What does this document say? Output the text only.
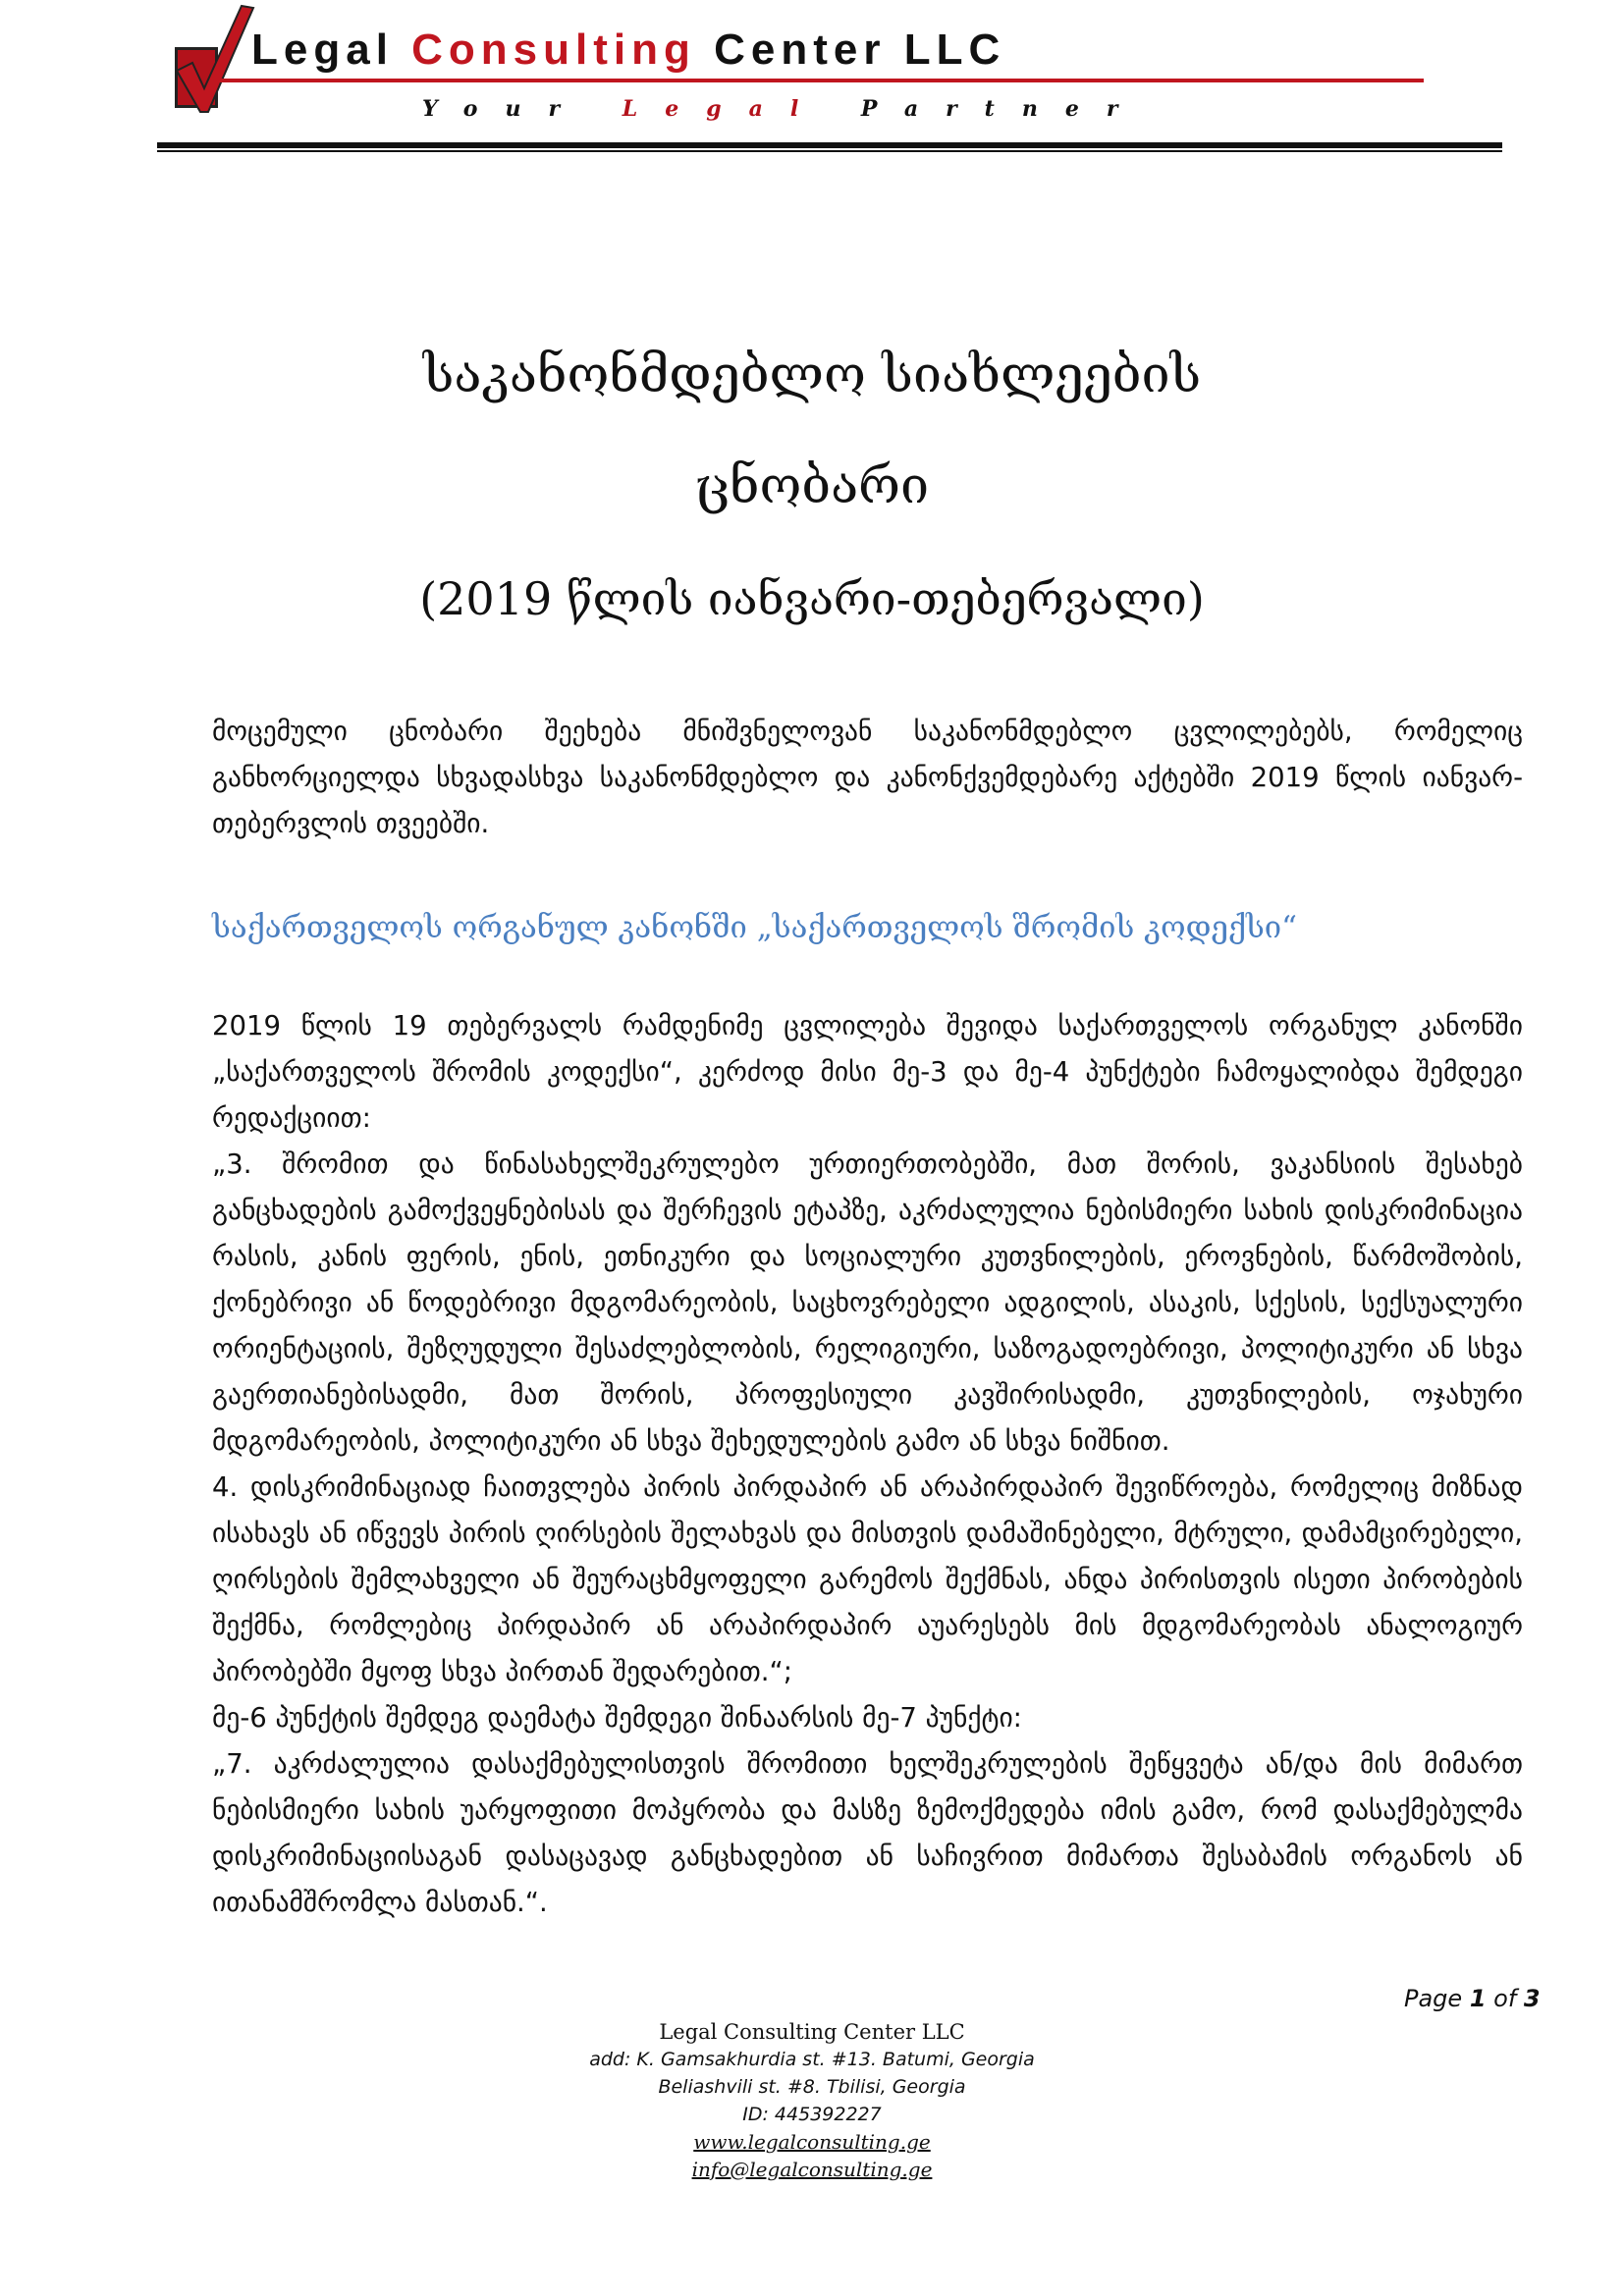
Legal Consulting Center LLC
Your Legal Partner
საკანონმდებლო სიახლეების
ცნობარი
(2019 წლის იანვარი-თებერვალი)

მოცემული ცნობარი შეეხება მნიშვნელოვან საკანონმდებლო ცვლილებებს, რომელიც განხორციელდა სხვადასხვა საკანონმდებლო და კანონქვემდებარე აქტებში 2019 წლის იანვარ-თებერვლის თვეებში.

საქართველოს ორგანულ კანონში „საქართველოს შრომის კოდექსი“

2019 წლის 19 თებერვალს რამდენიმე ცვლილება შევიდა საქართველოს ორგანულ კანონში „საქართველოს შრომის კოდექსი“, კერძოდ მისი მე-3 და მე-4 პუნქტები ჩამოყალიბდა შემდეგი რედაქციით:

„3. შრომით და წინასახელშეკრულებო ურთიერთობებში, მათ შორის, ვაკანსიის შესახებ განცხადების გამოქვეყნებისას და შერჩევის ეტაპზე, აკრძალულია ნებისმიერი სახის დისკრიმინაცია რასის, კანის ფერის, ენის, ეთნიკური და სოციალური კუთვნილების, ეროვნების, წარმოშობის, ქონებრივი ან წოდებრივი მდგომარეობის, საცხოვრებელი ადგილის, ასაკის, სქესის, სექსუალური ორიენტაციის, შეზღუდული შესაძლებლობის, რელიგიური, საზოგადოებრივი, პოლიტიკური ან სხვა გაერთიანებისადმი, მათ შორის, პროფესიული კავშირისადმი, კუთვნილების, ოჯახური მდგომარეობის, პოლიტიკური ან სხვა შეხედულების გამო ან სხვა ნიშნით.

4. დისკრიმინაციად ჩაითვლება პირის პირდაპირ ან არაპირდაპირ შევიწროება, რომელიც მიზნად ისახავს ან იწვევს პირის ღირსების შელახვას და მისთვის დამაშინებელი, მტრული, დამამცირებელი, ღირსების შემლახველი ან შეურაცხმყოფელი გარემოს შექმნას, ანდა პირისთვის ისეთი პირობების შექმნა, რომლებიც პირდაპირ ან არაპირდაპირ აუარესებს მის მდგომარეობას ანალოგიურ პირობებში მყოფ სხვა პირთან შედარებით.“;

მე-6 პუნქტის შემდეგ დაემატა შემდეგი შინაარსის მე-7 პუნქტი:

„7. აკრძალულია დასაქმებულისთვის შრომითი ხელშეკრულების შეწყვეტა ან/და მის მიმართ ნებისმიერი სახის უარყოფითი მოპყრობა და მასზე ზემოქმედება იმის გამო, რომ დასაქმებულმა დისკრიმინაციისაგან დასაცავად განცხადებით ან საჩივრით მიმართა შესაბამის ორგანოს ან ითანამშრომლა მასთან.“.

Page 1 of 3
Legal Consulting Center LLC
add: K. Gamsakhurdia st. #13. Batumi, Georgia
Beliashvili st. #8. Tbilisi, Georgia
ID: 445392227
www.legalconsulting.ge
info@legalconsulting.ge
